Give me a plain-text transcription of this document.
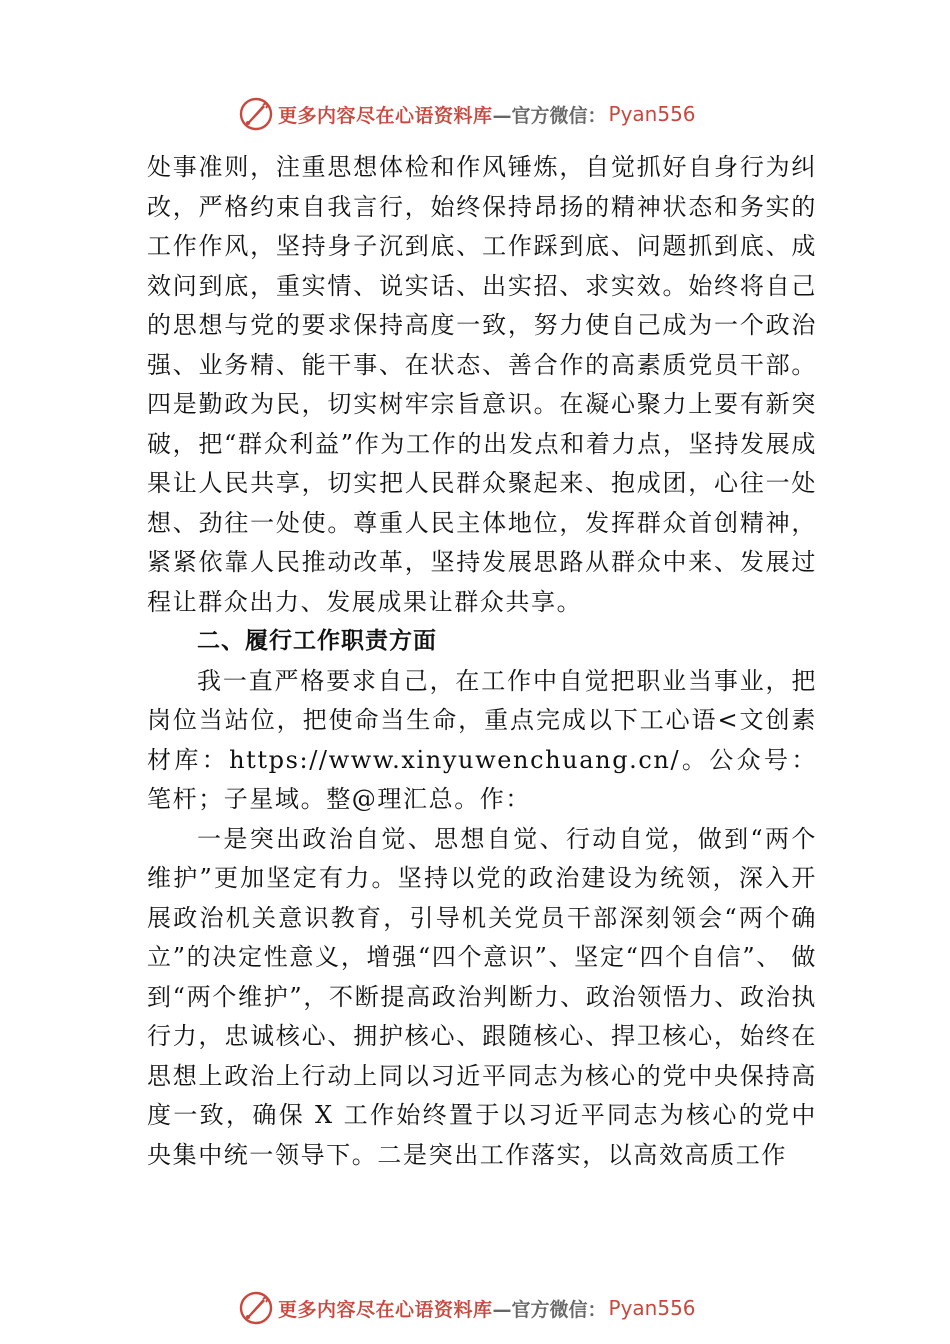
更多内容尽在心语资料库 —官方微信： Pyan556

处事准则，注重思想体检和作风锤炼，自觉抓好自身行为纠改，严格约束自我言行，始终保持昂扬的精神状态和务实的工作作风，坚持身子沉到底、工作踩到底、问题抓到底、成效问到底，重实情、说实话、出实招、求实效。始终将自己的思想与党的要求保持高度一致，努力使自己成为一个政治强、业务精、能干事、在状态、善合作的高素质党员干部。 四是勤政为民，切实树牢宗旨意识。在凝心聚力上要有新突破，把“群众利益”作为工作的出发点和着力点，坚持发展成果让人民共享，切实把人民群众聚起来、抱成团，心往一处想、劲往一处使。尊重人民主体地位，发挥群众首创精神， 紧紧依靠人民推动改革，坚持发展思路从群众中来、发展过程让群众出力、发展成果让群众共享。

二、履行工作职责方面

我一直严格要求自己，在工作中自觉把职业当事业，把岗位当站位，把使命当生命，重点完成以下工心语<文创素材库：https://www.xinyuwenchuang.cn/。公众号：笔杆；子星域。整@理汇总。作：

一是突出政治自觉、思想自觉、行动自觉，做到“两个维护”更加坚定有力。坚持以党的政治建设为统领，深入开展政治机关意识教育，引导机关党员干部深刻领会“两个确立”的决定性意义，增强“四个意识”、坚定“四个自信”、 做到“两个维护”，不断提高政治判断力、政治领悟力、政治执行力，忠诚核心、拥护核心、跟随核心、捍卫核心，始终在思想上政治上行动上同以习近平同志为核心的党中央保持高度一致，确保 X 工作始终置于以习近平同志为核心的党中央集中统一领导下。二是突出工作落实，以高效高质工作

更多内容尽在心语资料库 —官方微信： Pyan556
